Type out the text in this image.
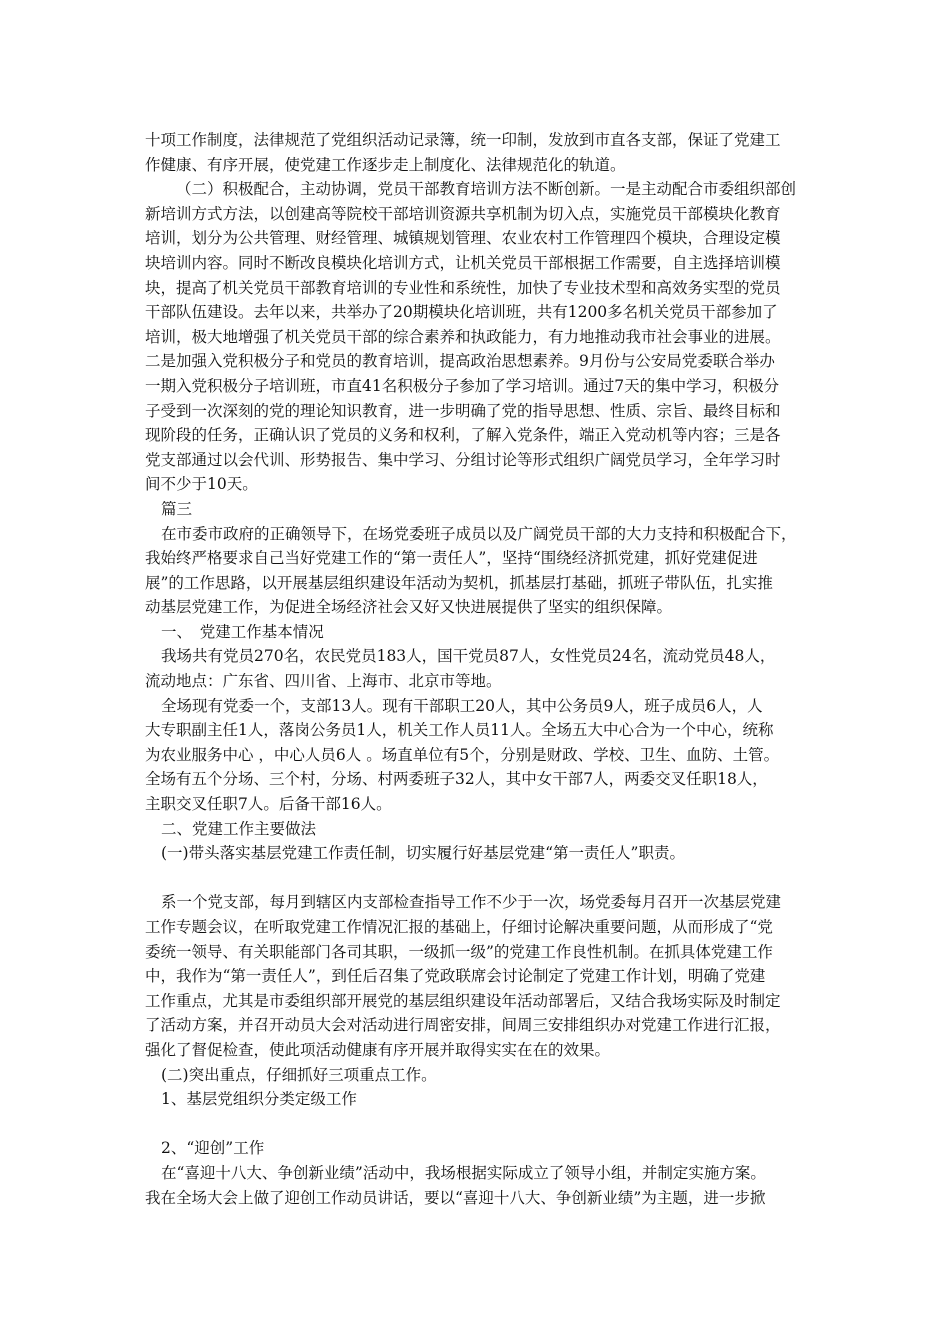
十项工作制度，法律规范了党组织活动记录簿，统一印制，发放到市直各支部，保证了党建工
作健康、有序开展，使党建工作逐步走上制度化、法律规范化的轨道。
（二）积极配合，主动协调，党员干部教育培训方法不断创新。一是主动配合市委组织部创
新培训方式方法，以创建高等院校干部培训资源共享机制为切入点，实施党员干部模块化教育
培训，划分为公共管理、财经管理、城镇规划管理、农业农村工作管理四个模块，合理设定模
块培训内容。同时不断改良模块化培训方式，让机关党员干部根据工作需要，自主选择培训模
块，提高了机关党员干部教育培训的专业性和系统性，加快了专业技术型和高效务实型的党员
干部队伍建设。去年以来，共举办了20期模块化培训班，共有1200多名机关党员干部参加了
培训，极大地增强了机关党员干部的综合素养和执政能力，有力地推动我市社会事业的进展。
二是加强入党积极分子和党员的教育培训，提高政治思想素养。9月份与公安局党委联合举办
一期入党积极分子培训班，市直41名积极分子参加了学习培训。通过7天的集中学习，积极分
子受到一次深刻的党的理论知识教育，进一步明确了党的指导思想、性质、宗旨、最终目标和
现阶段的任务，正确认识了党员的义务和权利，了解入党条件，端正入党动机等内容；三是各
党支部通过以会代训、形势报告、集中学习、分组讨论等形式组织广阔党员学习，全年学习时
间不少于10天。
篇三
在市委市政府的正确领导下，在场党委班子成员以及广阔党员干部的大力支持和积极配合下，
我始终严格要求自己当好党建工作的“第一责任人”，坚持“围绕经济抓党建，抓好党建促进
展”的工作思路，以开展基层组织建设年活动为契机，抓基层打基础，抓班子带队伍，扎实推
动基层党建工作，为促进全场经济社会又好又快进展提供了坚实的组织保障。
一、　党建工作基本情况
我场共有党员270名，农民党员183人，国干党员87人，女性党员24名，流动党员48人，
流动地点：广东省、四川省、上海市、北京市等地。
全场现有党委一个，支部13人。现有干部职工20人，其中公务员9人，班子成员6人，人
大专职副主任1人，落岗公务员1人，机关工作人员11人。全场五大中心合为一个中心，统称
为农业服务中心 ，中心人员6人 。场直单位有5个，分别是财政、学校、卫生、血防、土管。
全场有五个分场、三个村，分场、村两委班子32人，其中女干部7人，两委交叉任职18人，
主职交叉任职7人。后备干部16人。
二、党建工作主要做法
(一)带头落实基层党建工作责任制，切实履行好基层党建“第一责任人”职责。
系一个党支部，每月到辖区内支部检查指导工作不少于一次，场党委每月召开一次基层党建
工作专题会议，在听取党建工作情况汇报的基础上，仔细讨论解决重要问题，从而形成了“党
委统一领导、有关职能部门各司其职，一级抓一级”的党建工作良性机制。在抓具体党建工作
中，我作为“第一责任人”，到任后召集了党政联席会讨论制定了党建工作计划，明确了党建
工作重点，尤其是市委组织部开展党的基层组织建设年活动部署后，又结合我场实际及时制定
了活动方案，并召开动员大会对活动进行周密安排，间周三安排组织办对党建工作进行汇报，
强化了督促检查，使此项活动健康有序开展并取得实实在在的效果。
(二)突出重点，仔细抓好三项重点工作。
1、基层党组织分类定级工作
2、“迎创”工作
在“喜迎十八大、争创新业绩”活动中，我场根据实际成立了领导小组，并制定实施方案。
我在全场大会上做了迎创工作动员讲话，要以“喜迎十八大、争创新业绩”为主题，进一步掀
